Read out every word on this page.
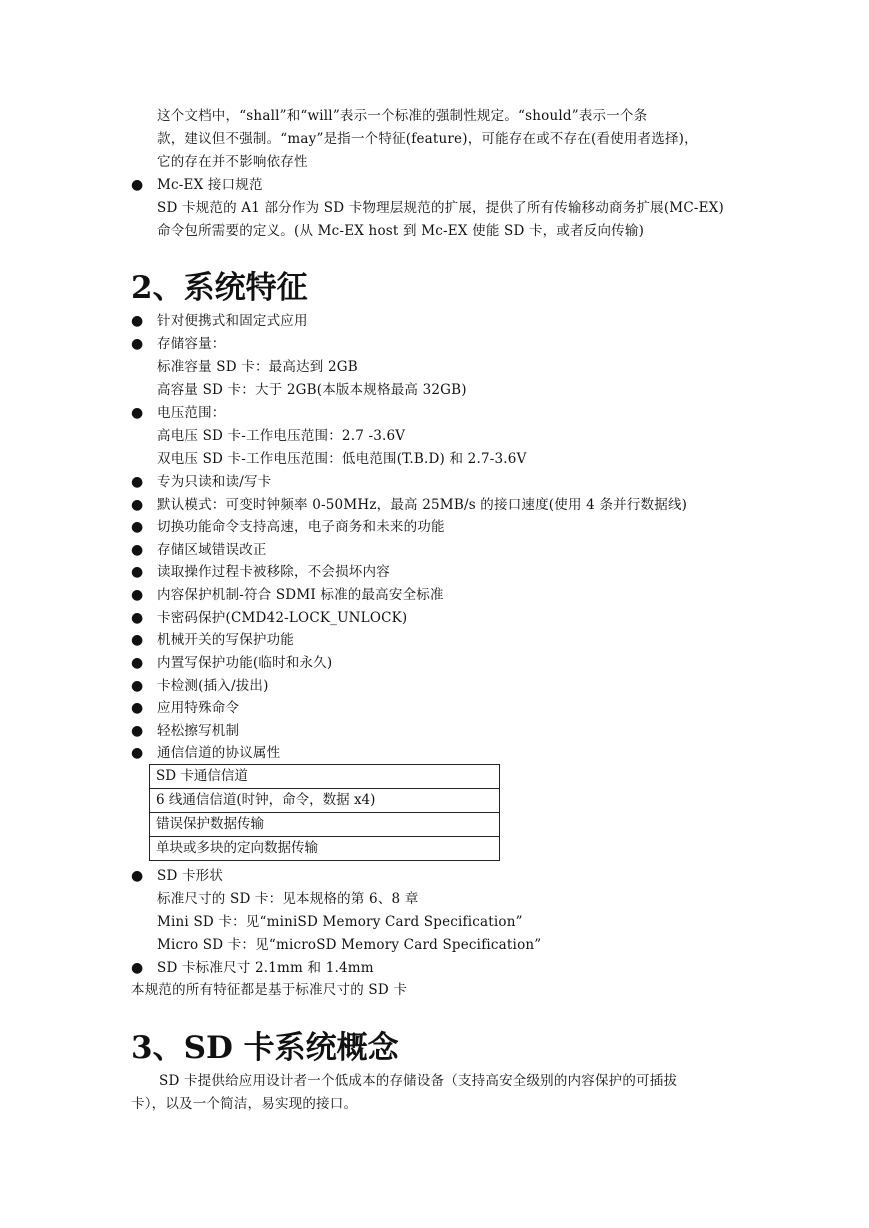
这个文档中，“shall”和“will”表示一个标准的强制性规定。“should”表示一个条
款，建议但不强制。“may”是指一个特征(feature)，可能存在或不存在(看使用者选择)，
它的存在并不影响依存性
● Mc-EX 接口规范
SD 卡规范的 A1 部分作为 SD 卡物理层规范的扩展，提供了所有传输移动商务扩展(MC-EX)
命令包所需要的定义。(从 Mc-EX host 到 Mc-EX 使能 SD 卡，或者反向传输)
2、系统特征
● 针对便携式和固定式应用
● 存储容量：
标准容量 SD 卡：最高达到 2GB
高容量 SD 卡：大于 2GB(本版本规格最高 32GB)
● 电压范围：
高电压 SD 卡-工作电压范围：2.7 -3.6V
双电压 SD 卡-工作电压范围：低电范围(T.B.D) 和 2.7-3.6V
● 专为只读和读/写卡
● 默认模式：可变时钟频率 0-50MHz，最高 25MB/s 的接口速度(使用 4 条并行数据线)
● 切换功能命令支持高速，电子商务和未来的功能
● 存储区域错误改正
● 读取操作过程卡被移除，不会损坏内容
● 内容保护机制-符合 SDMI 标准的最高安全标准
● 卡密码保护(CMD42-LOCK_UNLOCK)
● 机械开关的写保护功能
● 内置写保护功能(临时和永久)
● 卡检测(插入/拔出)
● 应用特殊命令
● 轻松擦写机制
● 通信信道的协议属性
SD 卡通信信道
6 线通信信道(时钟，命令，数据 x4)
错误保护数据传输
单块或多块的定向数据传输
● SD 卡形状
标准尺寸的 SD 卡：见本规格的第 6、8 章
Mini SD 卡：见“miniSD Memory Card Specification”
Micro SD 卡：见“microSD Memory Card Specification”
● SD 卡标准尺寸 2.1mm 和 1.4mm
本规范的所有特征都是基于标准尺寸的 SD 卡
3、SD 卡系统概念
SD 卡提供给应用设计者一个低成本的存储设备（支持高安全级别的内容保护的可插拔
卡），以及一个简洁，易实现的接口。
